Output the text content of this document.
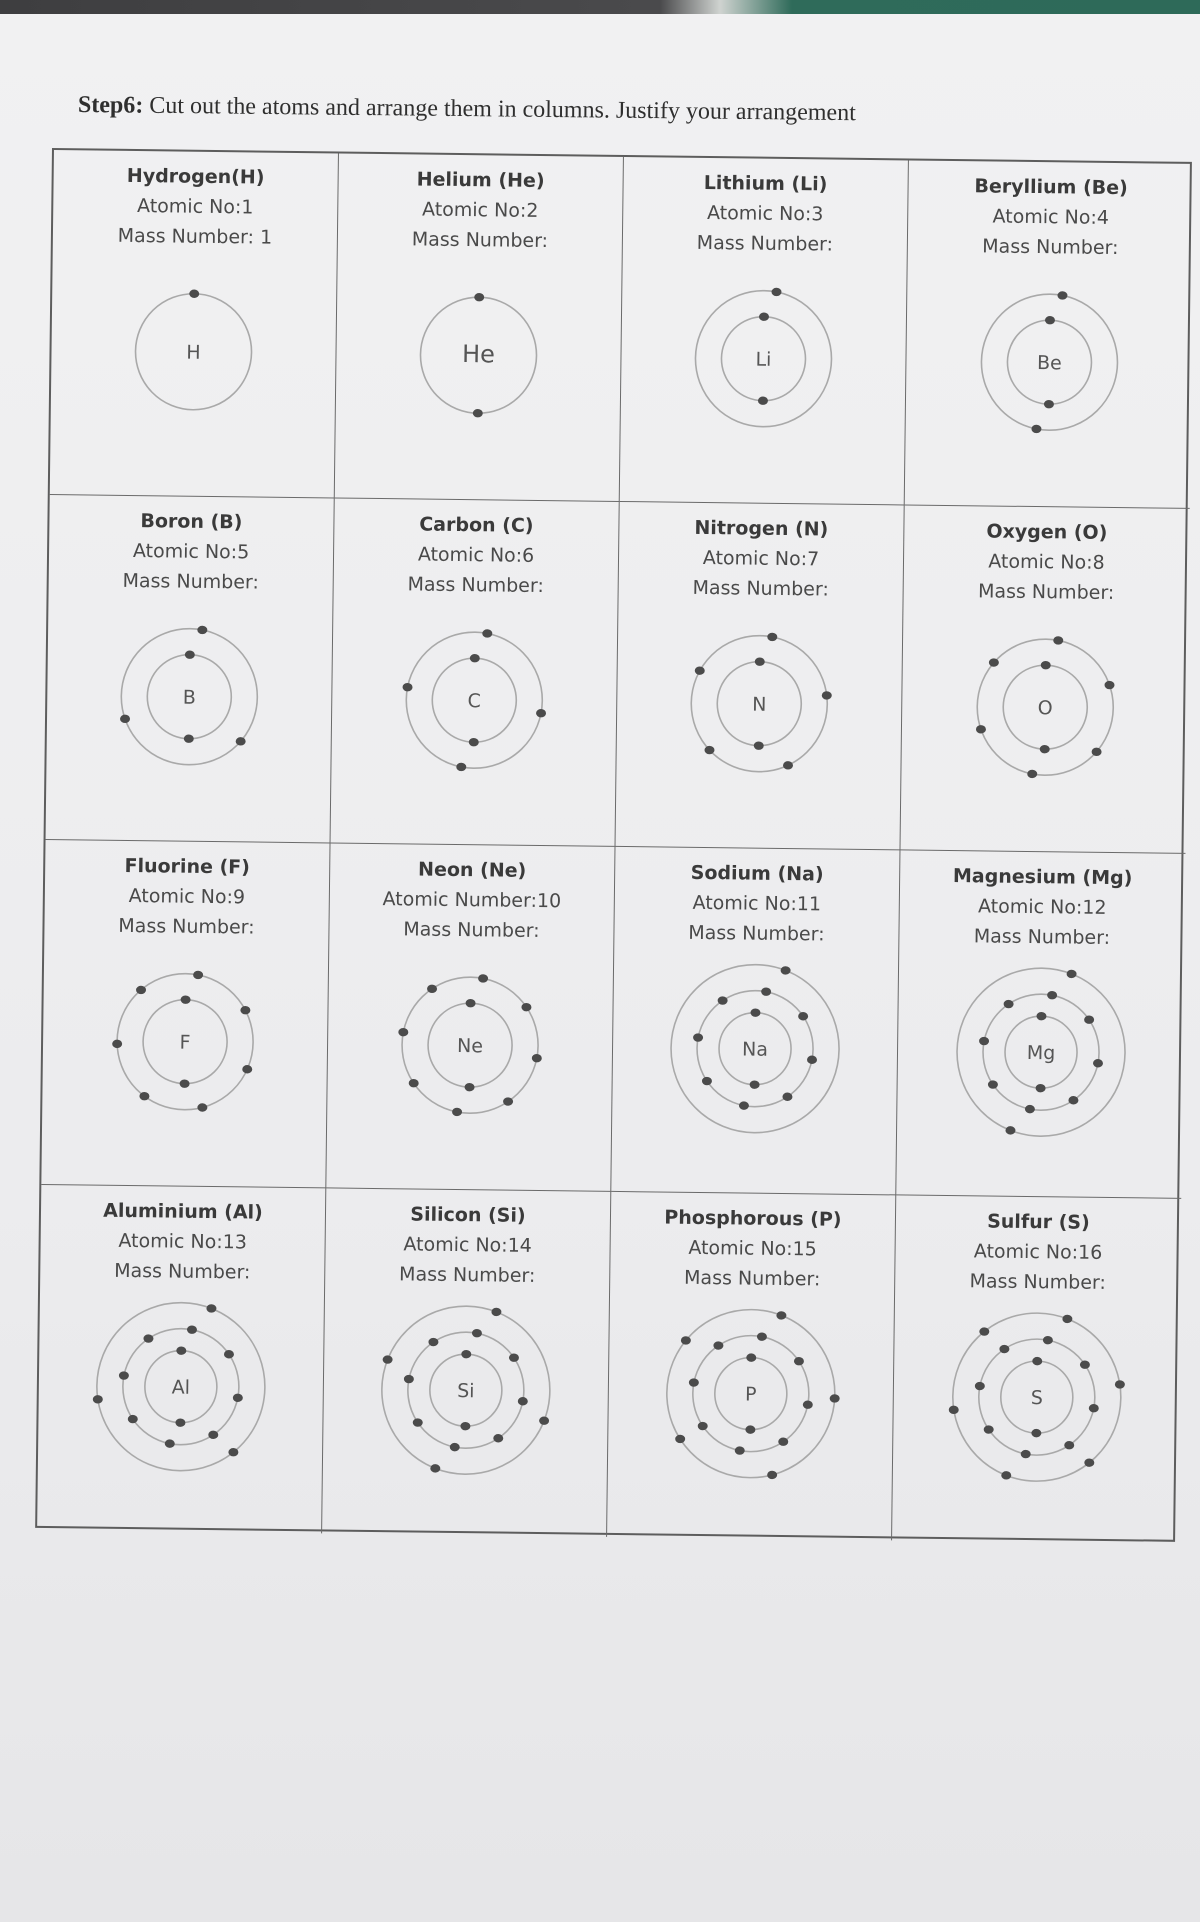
Step6: Cut out the atoms and arrange them in columns. Justify your arrangement
Hydrogen(H)
Atomic No:1
Mass Number: 1
H
Helium (He)
Atomic No:2
Mass Number:
He
Lithium (Li)
Atomic No:3
Mass Number:
Li
Beryllium (Be)
Atomic No:4
Mass Number:
Be
Boron (B)
Atomic No:5
Mass Number:
B
Carbon (C)
Atomic No:6
Mass Number:
C
Nitrogen (N)
Atomic No:7
Mass Number:
N
Oxygen (O)
Atomic No:8
Mass Number:
O
Fluorine (F)
Atomic No:9
Mass Number:
F
Neon (Ne)
Atomic Number:10
Mass Number:
Ne
Sodium (Na)
Atomic No:11
Mass Number:
Na
Magnesium (Mg)
Atomic No:12
Mass Number:
Mg
Aluminium (Al)
Atomic No:13
Mass Number:
Al
Silicon (Si)
Atomic No:14
Mass Number:
Si
Phosphorous (P)
Atomic No:15
Mass Number:
P
Sulfur (S)
Atomic No:16
Mass Number:
S
